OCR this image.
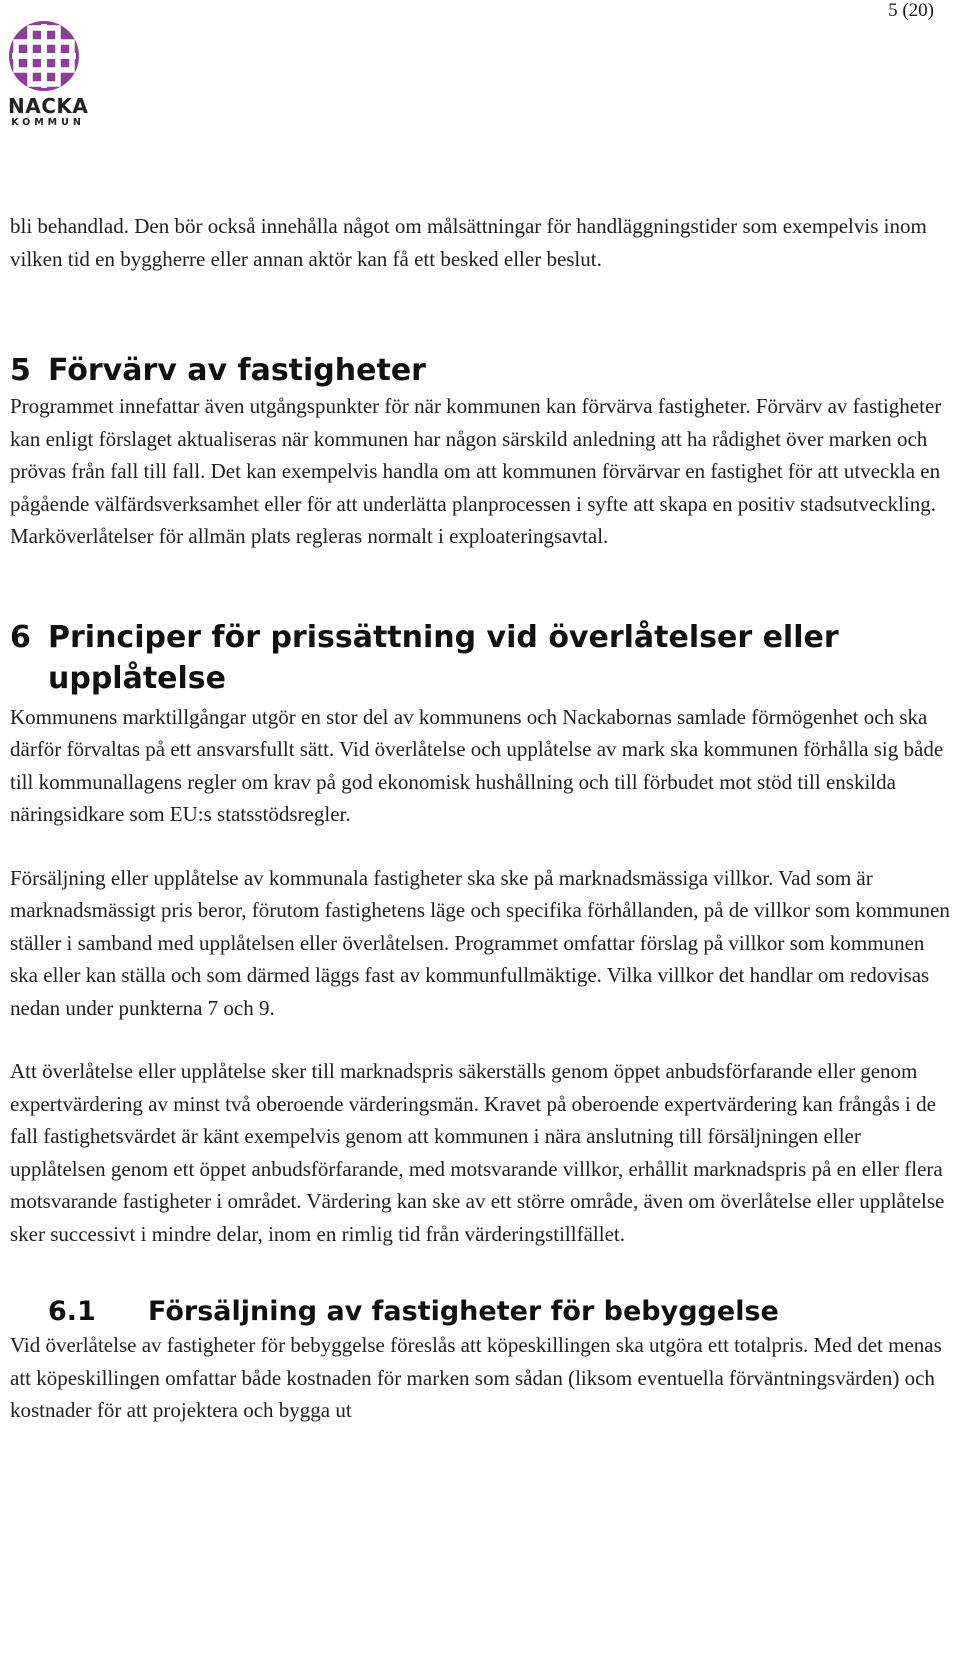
5 (20)
NACKA
KOMMUN

bli behandlad. Den bör också innehålla något om målsättningar för handläggningstider som exempelvis inom vilken tid en byggherre eller annan aktör kan få ett besked eller beslut.

5 Förvärv av fastigheter

Programmet innefattar även utgångspunkter för när kommunen kan förvärva fastigheter. Förvärv av fastigheter kan enligt förslaget aktualiseras när kommunen har någon särskild anledning att ha rådighet över marken och prövas från fall till fall. Det kan exempelvis handla om att kommunen förvärvar en fastighet för att utveckla en pågående välfärdsverksamhet eller för att underlätta planprocessen i syfte att skapa en positiv stadsutveckling. Marköverlåtelser för allmän plats regleras normalt i exploateringsavtal.

6 Principer för prissättning vid överlåtelser eller upplåtelse

Kommunens marktillgångar utgör en stor del av kommunens och Nackabornas samlade förmögenhet och ska därför förvaltas på ett ansvarsfullt sätt. Vid överlåtelse och upplåtelse av mark ska kommunen förhålla sig både till kommunallagens regler om krav på god ekonomisk hushållning och till förbudet mot stöd till enskilda näringsidkare som EU:s statsstödsregler.

Försäljning eller upplåtelse av kommunala fastigheter ska ske på marknadsmässiga villkor. Vad som är marknadsmässigt pris beror, förutom fastighetens läge och specifika förhållanden, på de villkor som kommunen ställer i samband med upplåtelsen eller överlåtelsen. Programmet omfattar förslag på villkor som kommunen ska eller kan ställa och som därmed läggs fast av kommunfullmäktige. Vilka villkor det handlar om redovisas nedan under punkterna 7 och 9.

Att överlåtelse eller upplåtelse sker till marknadspris säkerställs genom öppet anbudsförfarande eller genom expertvärdering av minst två oberoende värderingsmän. Kravet på oberoende expertvärdering kan frångås i de fall fastighetsvärdet är känt exempelvis genom att kommunen i nära anslutning till försäljningen eller upplåtelsen genom ett öppet anbudsförfarande, med motsvarande villkor, erhållit marknadspris på en eller flera motsvarande fastigheter i området. Värdering kan ske av ett större område, även om överlåtelse eller upplåtelse sker successivt i mindre delar, inom en rimlig tid från värderingstillfället.

6.1	Försäljning av fastigheter för bebyggelse

Vid överlåtelse av fastigheter för bebyggelse föreslås att köpeskillingen ska utgöra ett totalpris. Med det menas att köpeskillingen omfattar både kostnaden för marken som sådan (liksom eventuella förväntningsvärden) och kostnader för att projektera och bygga ut
